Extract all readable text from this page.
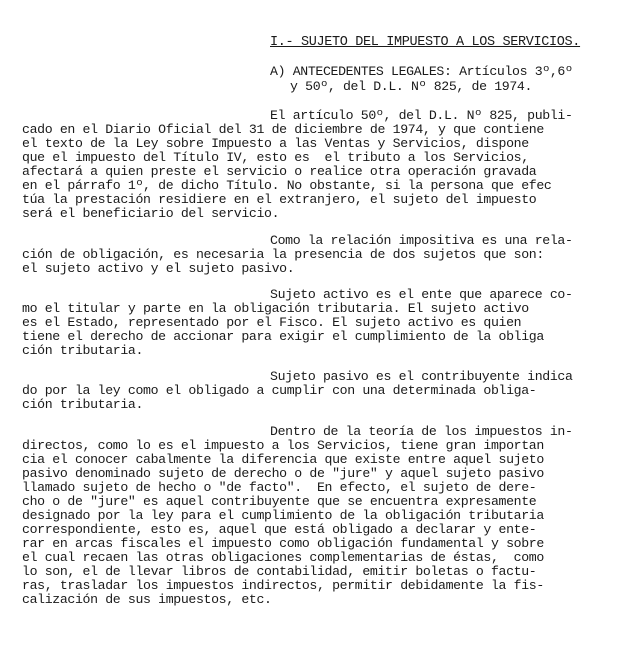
I.- SUJETO DEL IMPUESTO A LOS SERVICIOS.
A) ANTECEDENTES LEGALES: Artículos 3º,6º
y 50º, del D.L. Nº 825, de 1974.
El artículo 50º, del D.L. Nº 825, publi-
cado en el Diario Oficial del 31 de diciembre de 1974, y que contiene
el texto de la Ley sobre Impuesto a las Ventas y Servicios, dispone
que el impuesto del Título IV, esto es  el tributo a los Servicios,
afectará a quien preste el servicio o realice otra operación gravada
en el párrafo 1º, de dicho Título. No obstante, si la persona que efec
túa la prestación residiere en el extranjero, el sujeto del impuesto
será el beneficiario del servicio.
Como la relación impositiva es una rela-
ción de obligación, es necesaria la presencia de dos sujetos que son:
el sujeto activo y el sujeto pasivo.
Sujeto activo es el ente que aparece co-
mo el titular y parte en la obligación tributaria. El sujeto activo
es el Estado, representado por el Fisco. El sujeto activo es quien
tiene el derecho de accionar para exigir el cumplimiento de la obliga
ción tributaria.
Sujeto pasivo es el contribuyente indica
do por la ley como el obligado a cumplir con una determinada obliga-
ción tributaria.
Dentro de la teoría de los impuestos in-
directos, como lo es el impuesto a los Servicios, tiene gran importan
cia el conocer cabalmente la diferencia que existe entre aquel sujeto
pasivo denominado sujeto de derecho o de "jure" y aquel sujeto pasivo
llamado sujeto de hecho o "de facto".  En efecto, el sujeto de dere-
cho o de "jure" es aquel contribuyente que se encuentra expresamente
designado por la ley para el cumplimiento de la obligación tributaria
correspondiente, esto es, aquel que está obligado a declarar y ente-
rar en arcas fiscales el impuesto como obligación fundamental y sobre
el cual recaen las otras obligaciones complementarias de éstas,  como
lo son, el de llevar libros de contabilidad, emitir boletas o factu-
ras, trasladar los impuestos indirectos, permitir debidamente la fis-
calización de sus impuestos, etc.
